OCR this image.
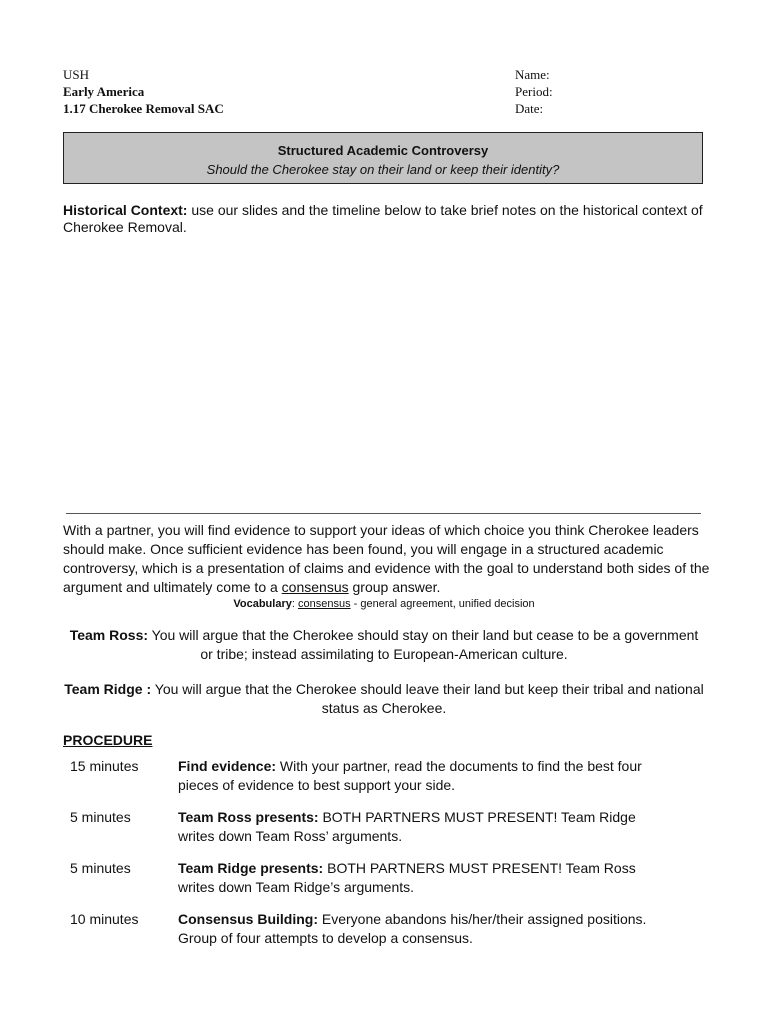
USH
Early America
1.17 Cherokee Removal SAC
Name:
Period:
Date:
Structured Academic Controversy
Should the Cherokee stay on their land or keep their identity?
Historical Context: use our slides and the timeline below to take brief notes on the historical context of Cherokee Removal.
With a partner, you will find evidence to support your ideas of which choice you think Cherokee leaders should make. Once sufficient evidence has been found, you will engage in a structured academic controversy, which is a presentation of claims and evidence with the goal to understand both sides of the argument and ultimately come to a consensus group answer.
Vocabulary: consensus - general agreement, unified decision
Team Ross: You will argue that the Cherokee should stay on their land but cease to be a government or tribe; instead assimilating to European-American culture.
Team Ridge : You will argue that the Cherokee should leave their land but keep their tribal and national status as Cherokee.
PROCEDURE
15 minutes	Find evidence: With your partner, read the documents to find the best four pieces of evidence to best support your side.
5 minutes	Team Ross presents: BOTH PARTNERS MUST PRESENT! Team Ridge writes down Team Ross’ arguments.
5 minutes	Team Ridge presents: BOTH PARTNERS MUST PRESENT! Team Ross writes down Team Ridge’s arguments.
10 minutes	Consensus Building: Everyone abandons his/her/their assigned positions. Group of four attempts to develop a consensus.
